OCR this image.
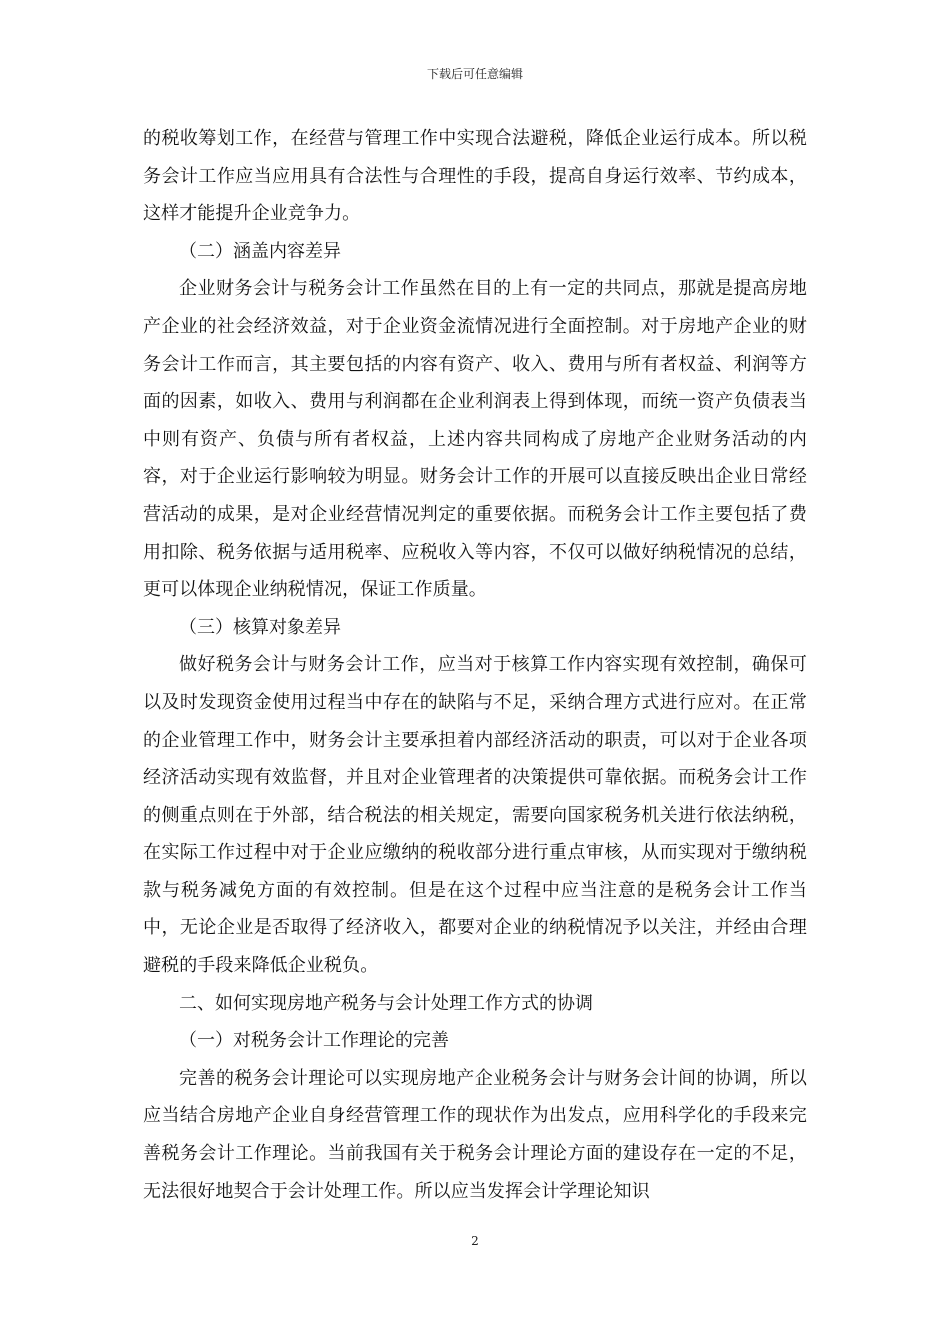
下载后可任意编辑

的税收筹划工作，在经营与管理工作中实现合法避税，降低企业运行成本。所以税务会计工作应当应用具有合法性与合理性的手段，提高自身运行效率、节约成本，这样才能提升企业竞争力。

（二）涵盖内容差异

企业财务会计与税务会计工作虽然在目的上有一定的共同点，那就是提高房地产企业的社会经济效益，对于企业资金流情况进行全面控制。对于房地产企业的财务会计工作而言，其主要包括的内容有资产、收入、费用与所有者权益、利润等方面的因素，如收入、费用与利润都在企业利润表上得到体现，而统一资产负债表当中则有资产、负债与所有者权益，上述内容共同构成了房地产企业财务活动的内容，对于企业运行影响较为明显。财务会计工作的开展可以直接反映出企业日常经营活动的成果，是对企业经营情况判定的重要依据。而税务会计工作主要包括了费用扣除、税务依据与适用税率、应税收入等内容，不仅可以做好纳税情况的总结，更可以体现企业纳税情况，保证工作质量。

（三）核算对象差异

做好税务会计与财务会计工作，应当对于核算工作内容实现有效控制，确保可以及时发现资金使用过程当中存在的缺陷与不足，采纳合理方式进行应对。在正常的企业管理工作中，财务会计主要承担着内部经济活动的职责，可以对于企业各项经济活动实现有效监督，并且对企业管理者的决策提供可靠依据。而税务会计工作的侧重点则在于外部，结合税法的相关规定，需要向国家税务机关进行依法纳税，在实际工作过程中对于企业应缴纳的税收部分进行重点审核，从而实现对于缴纳税款与税务减免方面的有效控制。但是在这个过程中应当注意的是税务会计工作当中，无论企业是否取得了经济收入，都要对企业的纳税情况予以关注，并经由合理避税的手段来降低企业税负。

二、如何实现房地产税务与会计处理工作方式的协调

（一）对税务会计工作理论的完善

完善的税务会计理论可以实现房地产企业税务会计与财务会计间的协调，所以应当结合房地产企业自身经营管理工作的现状作为出发点，应用科学化的手段来完善税务会计工作理论。当前我国有关于税务会计理论方面的建设存在一定的不足，无法很好地契合于会计处理工作。所以应当发挥会计学理论知识

2
